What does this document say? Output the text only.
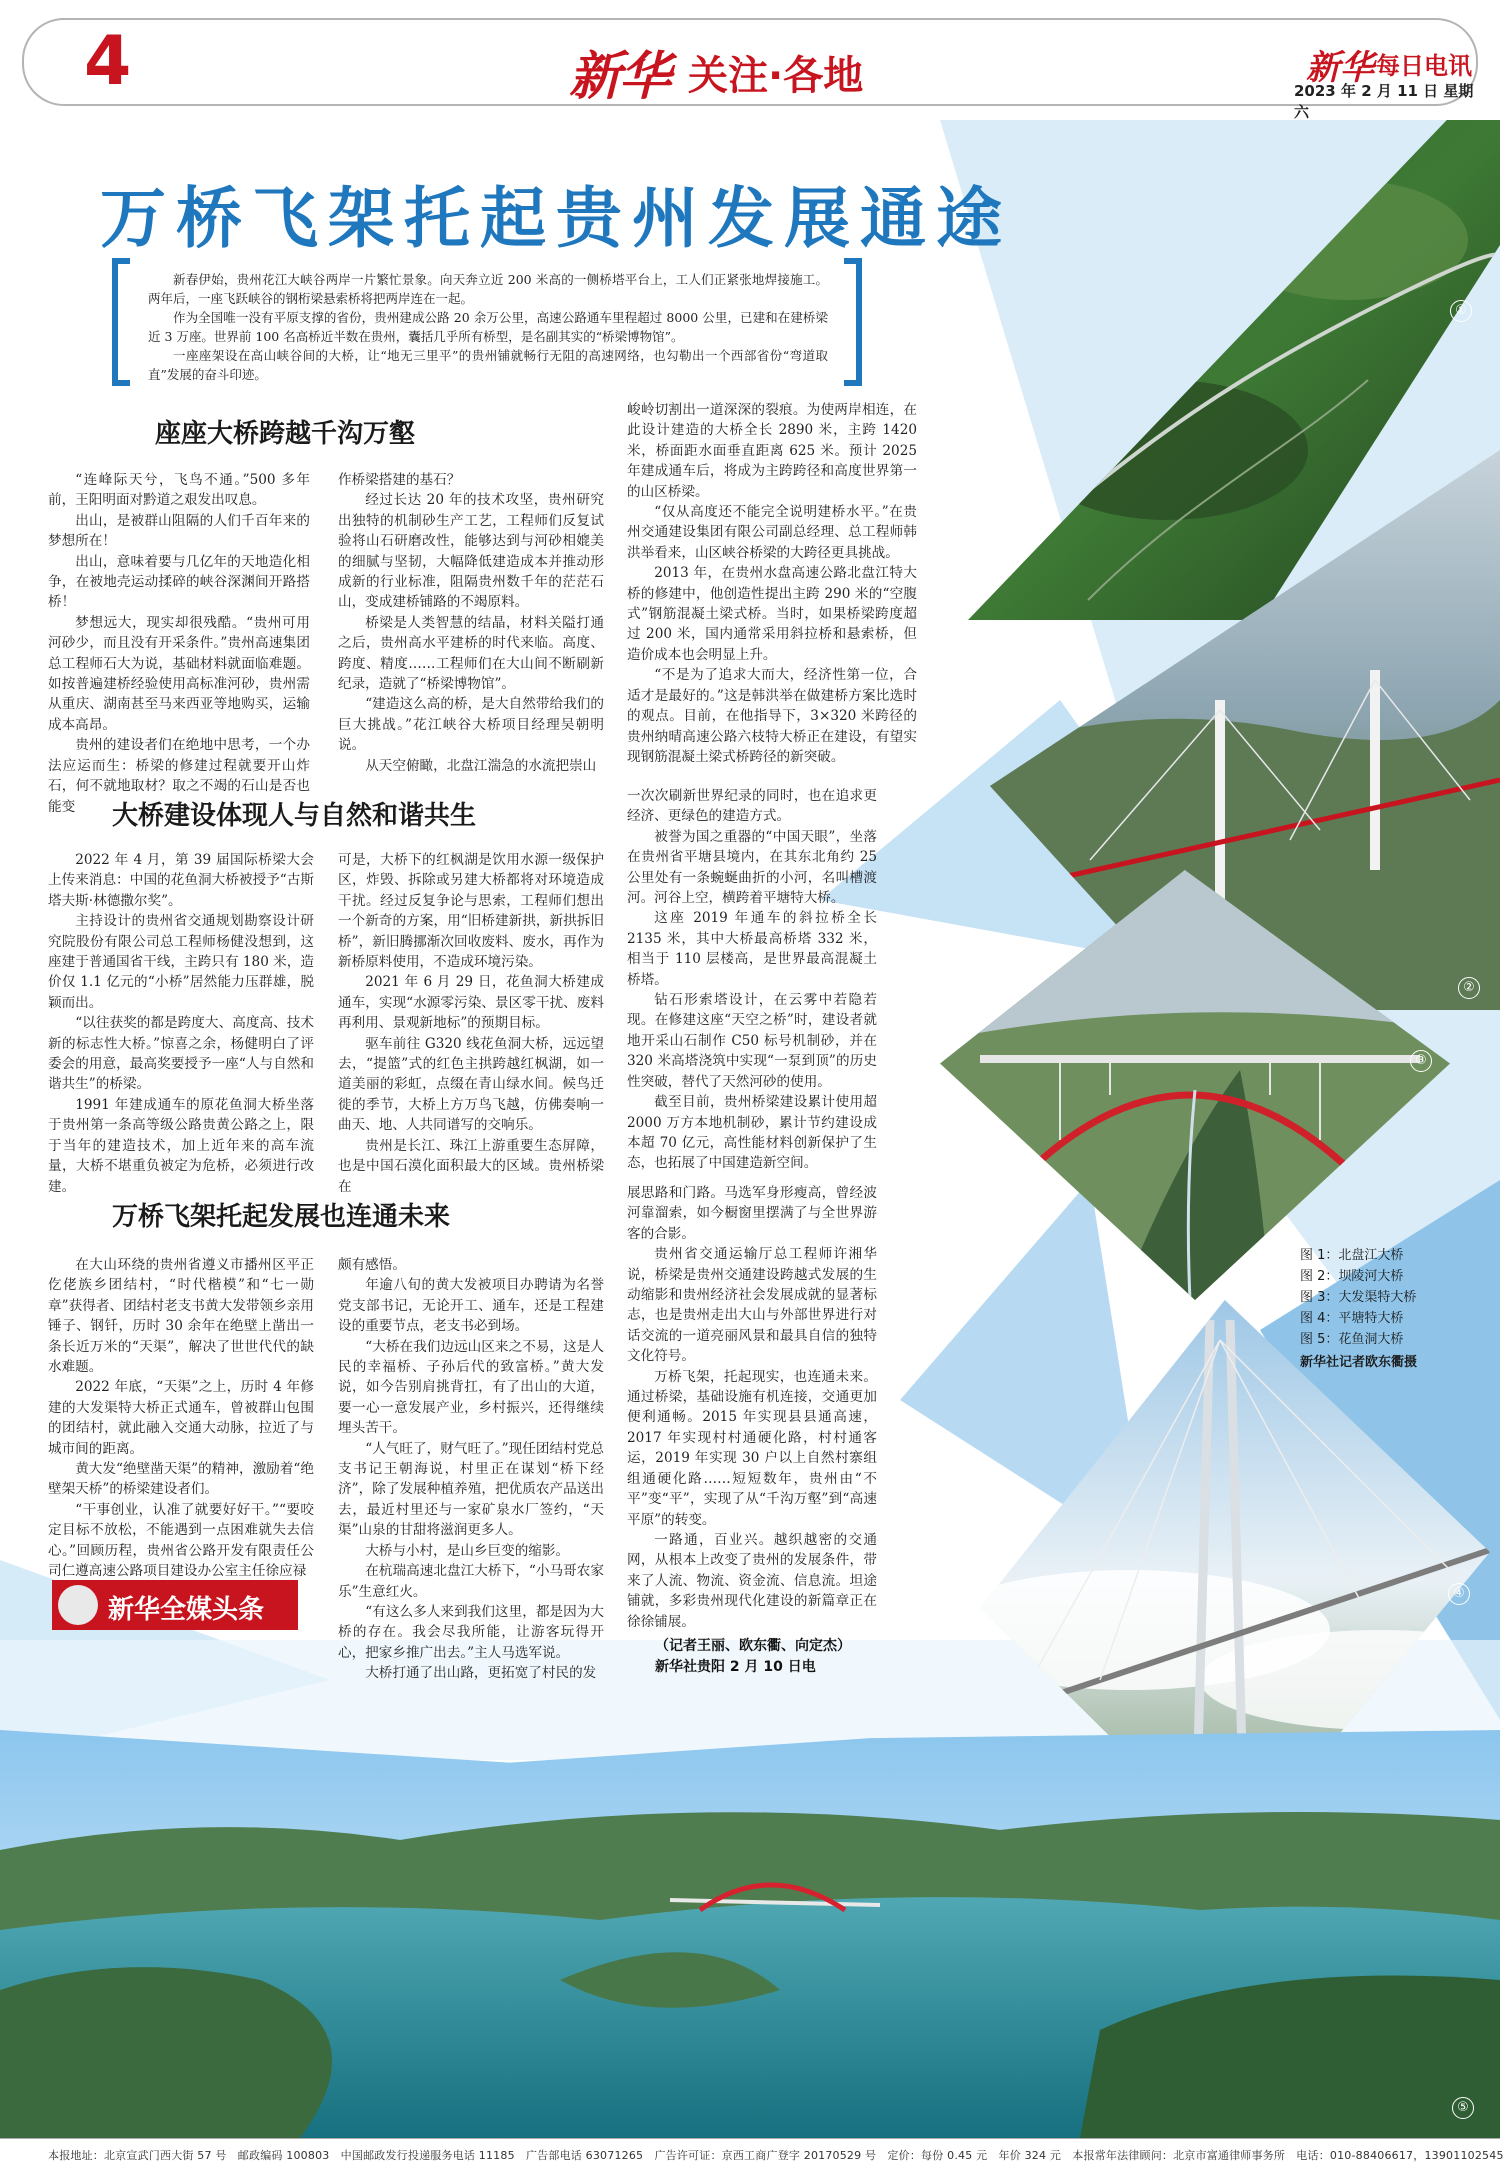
4	新华 关注·各地	新华 每日电讯
2023 年 2 月 11 日 星期六
万桥飞架托起贵州发展通途

新春伊始，贵州花江大峡谷两岸一片繁忙景象。向天奔立近 200 米高的一侧桥塔平台上，工人们正紧张地焊接施工。两年后，一座飞跃峡谷的钢桁梁悬索桥将把两岸连在一起。

作为全国唯一没有平原支撑的省份，贵州建成公路 20 余万公里，高速公路通车里程超过 8000 公里，已建和在建桥梁近 3 万座。世界前 100 名高桥近半数在贵州，囊括几乎所有桥型，是名副其实的“桥梁博物馆”。

一座座架设在高山峡谷间的大桥，让“地无三里平”的贵州铺就畅行无阻的高速网络，也勾勒出一个西部省份“弯道取直”发展的奋斗印迹。

座座大桥跨越千沟万壑

“连峰际天兮，飞鸟不通。”500 多年前，王阳明面对黔道之艰发出叹息。

出山，是被群山阻隔的人们千百年来的梦想所在！

出山，意味着要与几亿年的天地造化相争，在被地壳运动揉碎的峡谷深渊间开路搭桥！

梦想远大，现实却很残酷。“贵州可用河砂少，而且没有开采条件。”贵州高速集团总工程师石大为说，基础材料就面临难题。如按普遍建桥经验使用高标准河砂，贵州需从重庆、湖南甚至马来西亚等地购买，运输成本高昂。

贵州的建设者们在绝地中思考，一个办法应运而生：桥梁的修建过程就要开山炸石，何不就地取材？取之不竭的石山是否也能变

作桥梁搭建的基石？

经过长达 20 年的技术攻坚，贵州研究出独特的机制砂生产工艺，工程师们反复试验将山石研磨改性，能够达到与河砂相媲美的细腻与坚韧，大幅降低建造成本并推动形成新的行业标准，阻隔贵州数千年的茫茫石山，变成建桥铺路的不竭原料。

桥梁是人类智慧的结晶，材料关隘打通之后，贵州高水平建桥的时代来临。高度、跨度、精度……工程师们在大山间不断刷新纪录，造就了“桥梁博物馆”。

“建造这么高的桥，是大自然带给我们的巨大挑战。”花江峡谷大桥项目经理吴朝明说。

从天空俯瞰，北盘江湍急的水流把崇山

峻岭切割出一道深深的裂痕。为使两岸相连，在此设计建造的大桥全长 2890 米，主跨 1420 米，桥面距水面垂直距离 625 米。预计 2025 年建成通车后，将成为主跨跨径和高度世界第一的山区桥梁。

“仅从高度还不能完全说明建桥水平。”在贵州交通建设集团有限公司副总经理、总工程师韩洪举看来，山区峡谷桥梁的大跨径更具挑战。

2013 年，在贵州水盘高速公路北盘江特大桥的修建中，他创造性提出主跨 290 米的“空腹式”钢筋混凝土梁式桥。当时，如果桥梁跨度超过 200 米，国内通常采用斜拉桥和悬索桥，但造价成本也会明显上升。

“不是为了追求大而大，经济性第一位，合适才是最好的。”这是韩洪举在做建桥方案比选时的观点。目前，在他指导下，3×320 米跨径的贵州纳晴高速公路六枝特大桥正在建设，有望实现钢筋混凝土梁式桥跨径的新突破。

大桥建设体现人与自然和谐共生

2022 年 4 月，第 39 届国际桥梁大会上传来消息：中国的花鱼洞大桥被授予“古斯塔夫斯·林德撒尔奖”。

主持设计的贵州省交通规划勘察设计研究院股份有限公司总工程师杨健没想到，这座建于普通国省干线，主跨只有 180 米，造价仅 1.1 亿元的“小桥”居然能力压群雄，脱颖而出。

“以往获奖的都是跨度大、高度高、技术新的标志性大桥。”惊喜之余，杨健明白了评委会的用意，最高奖要授予一座“人与自然和谐共生”的桥梁。

1991 年建成通车的原花鱼洞大桥坐落于贵州第一条高等级公路贵黄公路之上，限于当年的建造技术，加上近年来的高车流量，大桥不堪重负被定为危桥，必须进行改建。

可是，大桥下的红枫湖是饮用水源一级保护区，炸毁、拆除或另建大桥都将对环境造成干扰。经过反复争论与思索，工程师们想出一个新奇的方案，用“旧桥建新拱，新拱拆旧桥”，新旧腾挪渐次回收废料、废水，再作为新桥原料使用，不造成环境污染。

2021 年 6 月 29 日，花鱼洞大桥建成通车，实现“水源零污染、景区零干扰、废料再利用、景观新地标”的预期目标。

驱车前往 G320 线花鱼洞大桥，远远望去，“提篮”式的红色主拱跨越红枫湖，如一道美丽的彩虹，点缀在青山绿水间。候鸟迁徙的季节，大桥上方万鸟飞越，仿佛奏响一曲天、地、人共同谱写的交响乐。

贵州是长江、珠江上游重要生态屏障，也是中国石漠化面积最大的区域。贵州桥梁在

一次次刷新世界纪录的同时，也在追求更经济、更绿色的建造方式。

被誉为国之重器的“中国天眼”，坐落在贵州省平塘县境内，在其东北角约 25 公里处有一条蜿蜒曲折的小河，名叫槽渡河。河谷上空，横跨着平塘特大桥。

这座 2019 年通车的斜拉桥全长 2135 米，其中大桥最高桥塔 332 米，相当于 110 层楼高，是世界最高混凝土桥塔。

钻石形索塔设计，在云雾中若隐若现。在修建这座“天空之桥”时，建设者就地开采山石制作 C50 标号机制砂，并在 320 米高塔浇筑中实现“一泵到顶”的历史性突破，替代了天然河砂的使用。

截至目前，贵州桥梁建设累计使用超 2000 万方本地机制砂，累计节约建设成本超 70 亿元，高性能材料创新保护了生态，也拓展了中国建造新空间。

万桥飞架托起发展也连通未来

在大山环绕的贵州省遵义市播州区平正仡佬族乡团结村，“时代楷模”和“七一勋章”获得者、团结村老支书黄大发带领乡亲用锤子、钢钎，历时 30 余年在绝壁上凿出一条长近万米的“天渠”，解决了世世代代的缺水难题。

2022 年底，“天渠”之上，历时 4 年修建的大发渠特大桥正式通车，曾被群山包围的团结村，就此融入交通大动脉，拉近了与城市间的距离。

黄大发“绝壁凿天渠”的精神，激励着“绝壁架天桥”的桥梁建设者们。

“干事创业，认准了就要好好干。”“要咬定目标不放松，不能遇到一点困难就失去信心。”回顾历程，贵州省公路开发有限责任公司仁遵高速公路项目建设办公室主任徐应禄

颇有感悟。

年逾八旬的黄大发被项目办聘请为名誉党支部书记，无论开工、通车，还是工程建设的重要节点，老支书必到场。

“大桥在我们边远山区来之不易，这是人民的幸福桥、子孙后代的致富桥。”黄大发说，如今告别肩挑背扛，有了出山的大道，要一心一意发展产业，乡村振兴，还得继续埋头苦干。

“人气旺了，财气旺了。”现任团结村党总支书记王朝海说，村里正在谋划“桥下经济”，除了发展种植养殖，把优质农产品送出去，最近村里还与一家矿泉水厂签约，“天渠”山泉的甘甜将滋润更多人。

大桥与小村，是山乡巨变的缩影。

在杭瑞高速北盘江大桥下，“小马哥农家乐”生意红火。

“有这么多人来到我们这里，都是因为大桥的存在。我会尽我所能，让游客玩得开心，把家乡推广出去。”主人马选军说。

大桥打通了出山路，更拓宽了村民的发

展思路和门路。马选军身形瘦高，曾经波河靠溜索，如今橱窗里摆满了与全世界游客的合影。

贵州省交通运输厅总工程师许湘华说，桥梁是贵州交通建设跨越式发展的生动缩影和贵州经济社会发展成就的显著标志，也是贵州走出大山与外部世界进行对话交流的一道亮丽风景和最具自信的独特文化符号。

万桥飞架，托起现实，也连通未来。通过桥梁，基础设施有机连接，交通更加便利通畅。2015 年实现县县通高速，2017 年实现村村通硬化路，村村通客运，2019 年实现 30 户以上自然村寨组组通硬化路……短短数年，贵州由“不平”变“平”，实现了从“千沟万壑”到“高速平原”的转变。

一路通，百业兴。越织越密的交通网，从根本上改变了贵州的发展条件，带来了人流、物流、资金流、信息流。坦途铺就，多彩贵州现代化建设的新篇章正在徐徐铺展。

（记者王丽、欧东衢、向定杰）

新华社贵阳 2 月 10 日电

①
②
③
④
⑤
图 1：北盘江大桥
图 2：坝陵河大桥
图 3：大发渠特大桥
图 4：平塘特大桥
图 5：花鱼洞大桥
新华社记者欧东衢摄
新华全媒头条
本报地址：北京宣武门西大街 57 号　邮政编码 100803　中国邮政发行投递服务电话 11185　广告部电话 63071265　广告许可证：京西工商广登字 20170529 号　定价：每份 0.45 元　年价 324 元　本报常年法律顾问：北京市富通律师事务所　电话：010-88406617，13901102545
